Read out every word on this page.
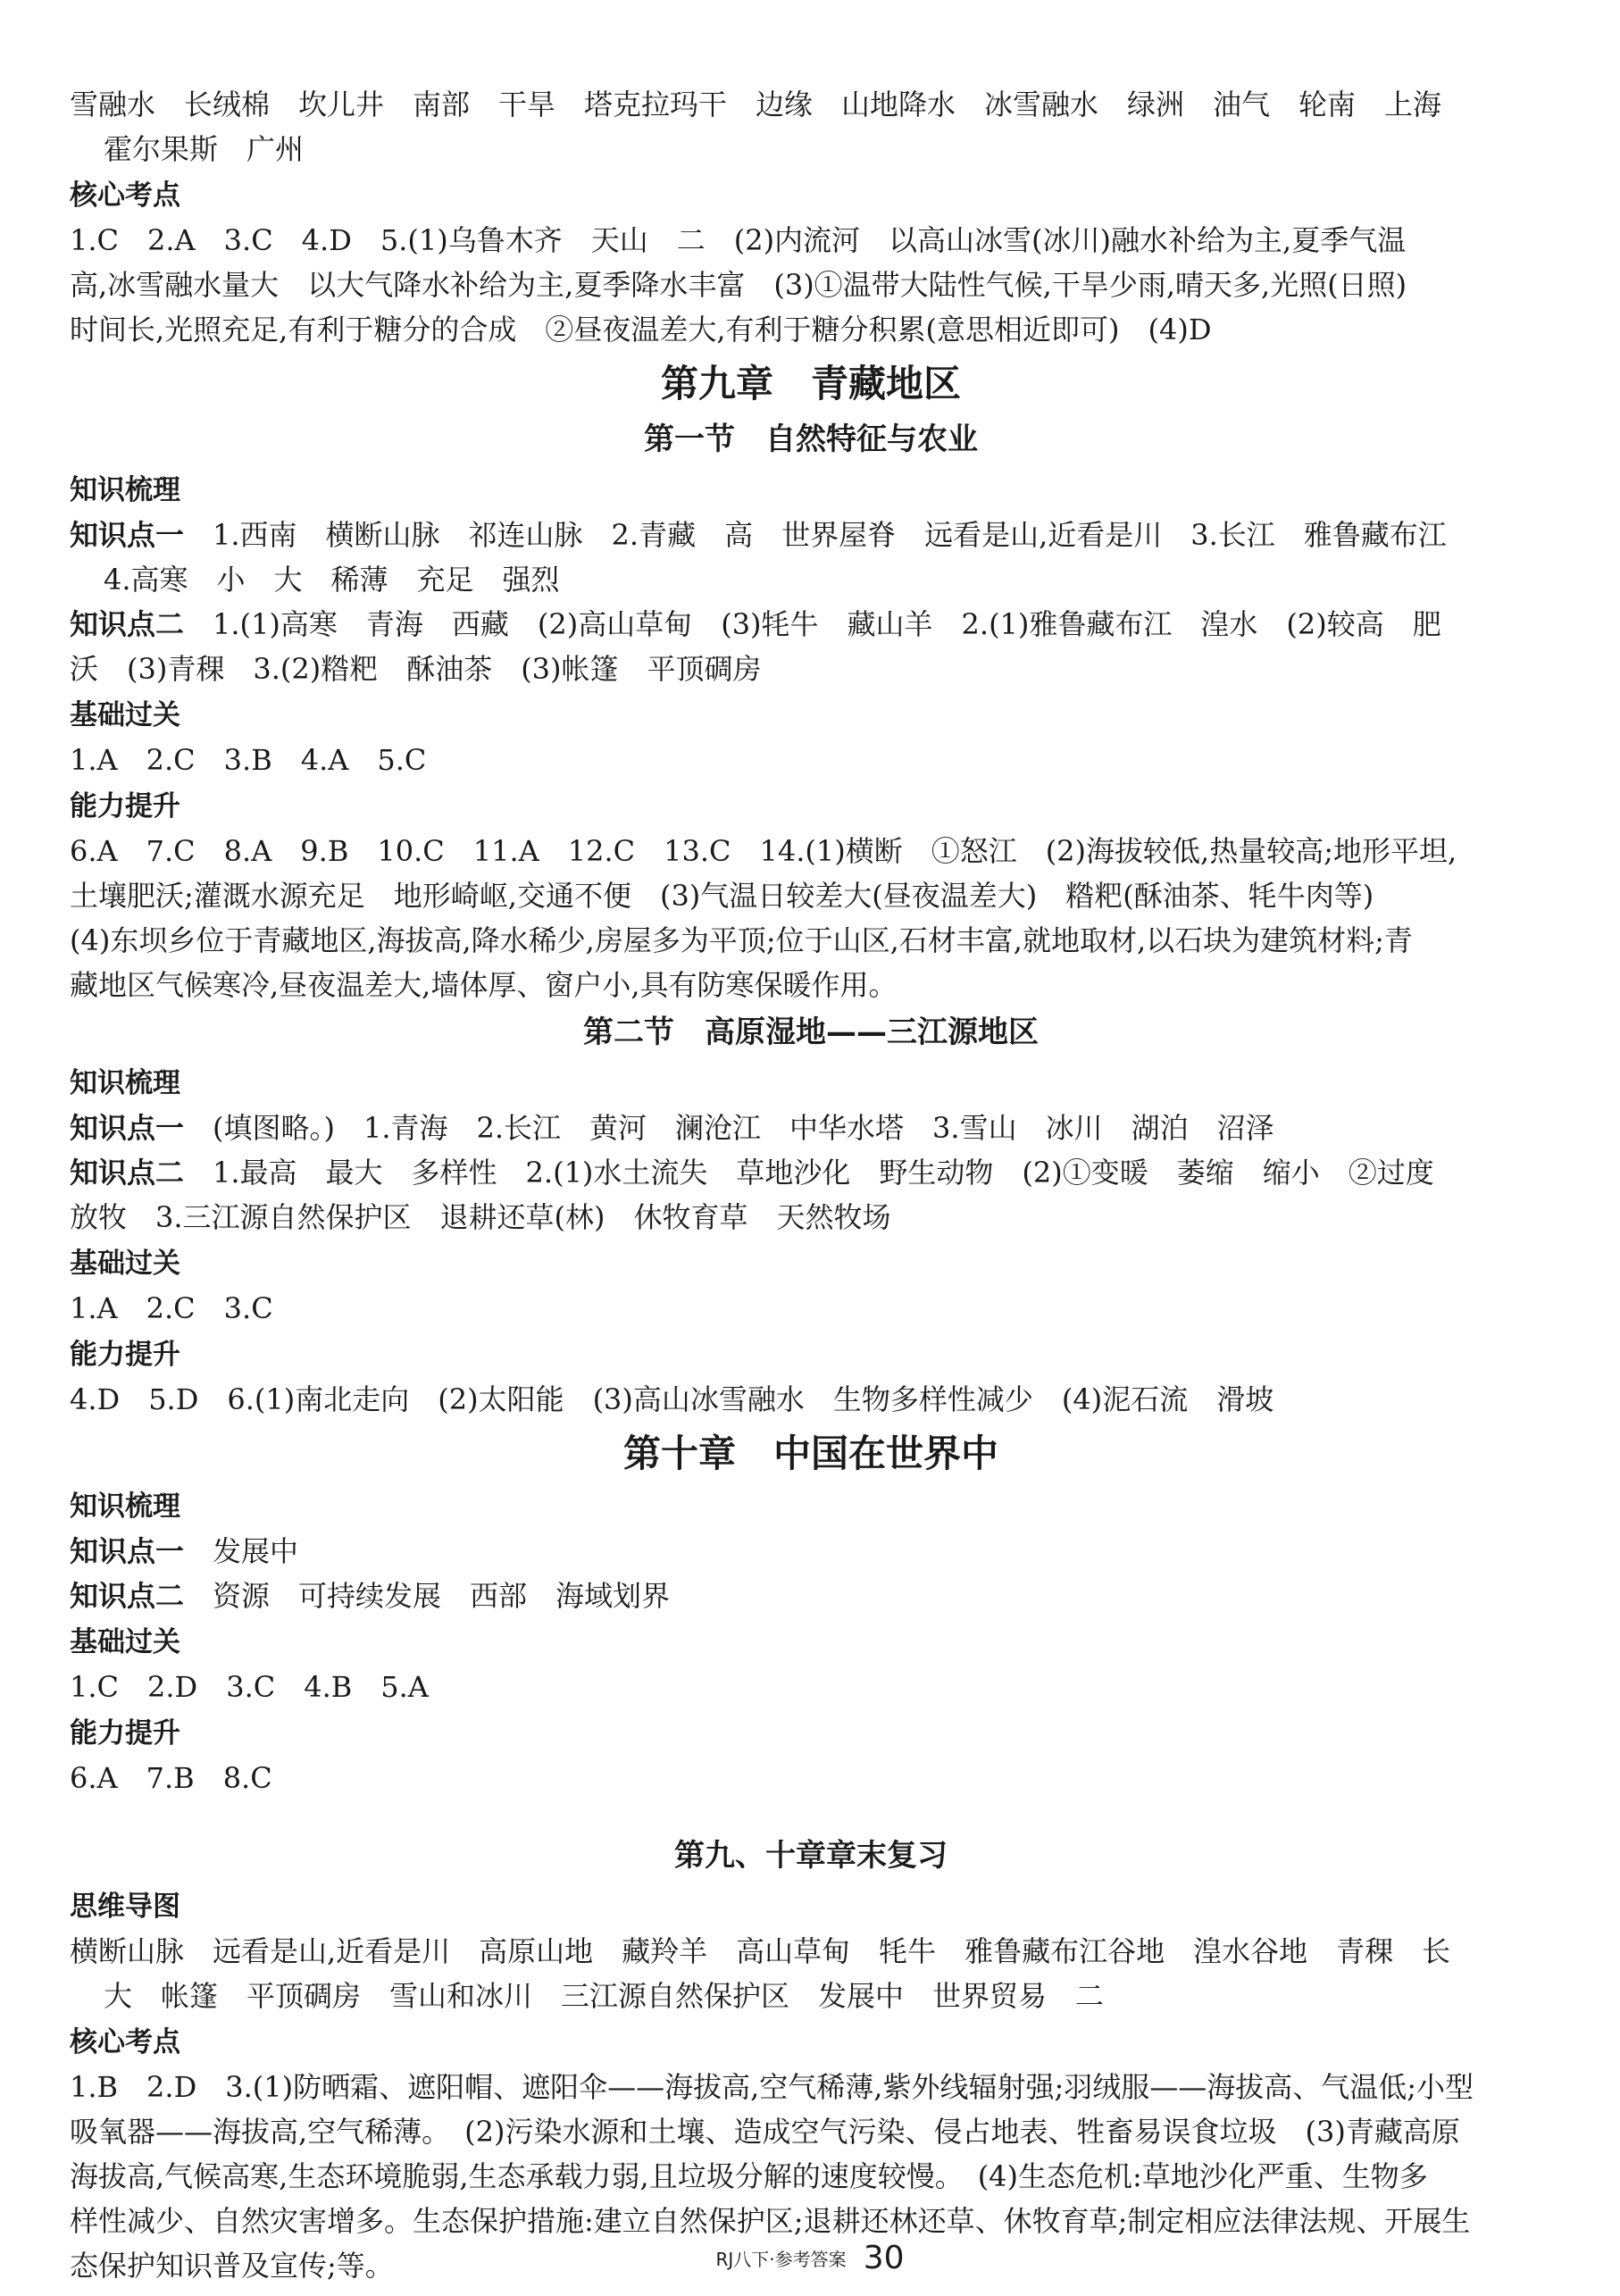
雪融水　长绒棉　坎儿井　南部　干旱　塔克拉玛干　边缘　山地降水　冰雪融水　绿洲　油气　轮南　上海

霍尔果斯　广州

核心考点

1.C　2.A　3.C　4.D　5.(1)乌鲁木齐　天山　二　(2)内流河　以高山冰雪(冰川)融水补给为主,夏季气温

高,冰雪融水量大　以大气降水补给为主,夏季降水丰富　(3)①温带大陆性气候,干旱少雨,晴天多,光照(日照)

时间长,光照充足,有利于糖分的合成　②昼夜温差大,有利于糖分积累(意思相近即可)　(4)D

第九章　青藏地区

第一节　自然特征与农业

知识梳理

知识点一　1.西南　横断山脉　祁连山脉　2.青藏　高　世界屋脊　远看是山,近看是川　3.长江　雅鲁藏布江

4.高寒　小　大　稀薄　充足　强烈

知识点二　1.(1)高寒　青海　西藏　(2)高山草甸　(3)牦牛　藏山羊　2.(1)雅鲁藏布江　湟水　(2)较高　肥

沃　(3)青稞　3.(2)糌粑　酥油茶　(3)帐篷　平顶碉房

基础过关

1.A　2.C　3.B　4.A　5.C

能力提升

6.A　7.C　8.A　9.B　10.C　11.A　12.C　13.C　14.(1)横断　①怒江　(2)海拔较低,热量较高;地形平坦,

土壤肥沃;灌溉水源充足　地形崎岖,交通不便　(3)气温日较差大(昼夜温差大)　糌粑(酥油茶、牦牛肉等)

(4)东坝乡位于青藏地区,海拔高,降水稀少,房屋多为平顶;位于山区,石材丰富,就地取材,以石块为建筑材料;青

藏地区气候寒冷,昼夜温差大,墙体厚、窗户小,具有防寒保暖作用。

第二节　高原湿地——三江源地区

知识梳理

知识点一　(填图略。)　1.青海　2.长江　黄河　澜沧江　中华水塔　3.雪山　冰川　湖泊　沼泽

知识点二　1.最高　最大　多样性　2.(1)水土流失　草地沙化　野生动物　(2)①变暖　萎缩　缩小　②过度

放牧　3.三江源自然保护区　退耕还草(林)　休牧育草　天然牧场

基础过关

1.A　2.C　3.C

能力提升

4.D　5.D　6.(1)南北走向　(2)太阳能　(3)高山冰雪融水　生物多样性减少　(4)泥石流　滑坡

第十章　中国在世界中

知识梳理

知识点一　发展中

知识点二　资源　可持续发展　西部　海域划界

基础过关

1.C　2.D　3.C　4.B　5.A

能力提升

6.A　7.B　8.C

第九、十章章末复习

思维导图

横断山脉　远看是山,近看是川　高原山地　藏羚羊　高山草甸　牦牛　雅鲁藏布江谷地　湟水谷地　青稞　长

大　帐篷　平顶碉房　雪山和冰川　三江源自然保护区　发展中　世界贸易　二

核心考点

1.B　2.D　3.(1)防晒霜、遮阳帽、遮阳伞——海拔高,空气稀薄,紫外线辐射强;羽绒服——海拔高、气温低;小型

吸氧器——海拔高,空气稀薄。　(2)污染水源和土壤、造成空气污染、侵占地表、牲畜易误食垃圾　(3)青藏高原

海拔高,气候高寒,生态环境脆弱,生态承载力弱,且垃圾分解的速度较慢。　(4)生态危机:草地沙化严重、生物多

样性减少、自然灾害增多。生态保护措施:建立自然保护区;退耕还林还草、休牧育草;制定相应法律法规、开展生

态保护知识普及宣传;等。	RJ八下·参考答案 30
